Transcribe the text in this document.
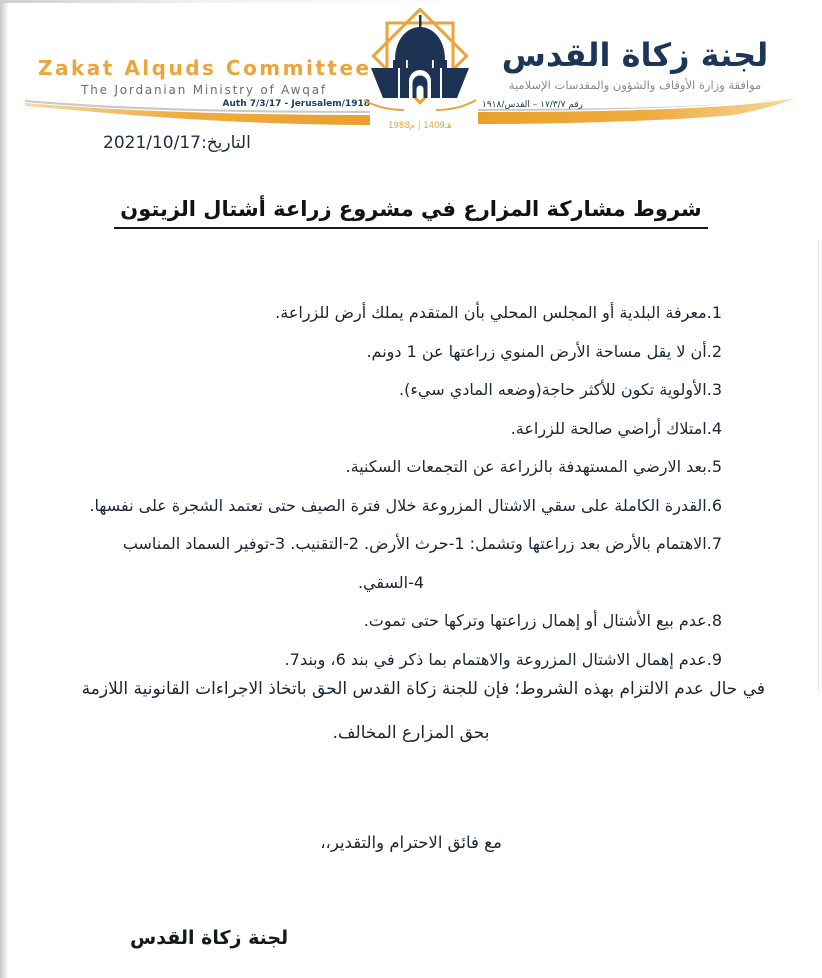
Zakat Alquds Committee
The Jordanian Ministry of Awqaf
Auth 7/3/17 - Jerusalem/1918
هـ1409 | م1988
لجنة زكاة القدس
موافقة وزارة الأوقاف والشؤون والمقدسات الإسلامية
رقم ١٧/٣/٧ – القدس/١٩١٨
التاريخ:2021/10/17
شروط مشاركة المزارع في مشروع زراعة أشتال الزيتون
1.معرفة البلدية أو المجلس المحلي بأن المتقدم يملك أرض للزراعة.
2.أن لا يقل مساحة الأرض المنوي زراعتها عن 1 دونم.
3.الأولوية تكون للأكثر حاجة(وضعه المادي سيء).
4.امتلاك أراضي صالحة للزراعة.
5.بعد الارضي المستهدفة بالزراعة عن التجمعات السكنية.
6.القدرة الكاملة على سقي الاشتال المزروعة خلال فترة الصيف حتى تعتمد الشجرة على نفسها.
7.الاهتمام بالأرض بعد زراعتها وتشمل: 1-حرث الأرض. 2-التقنيب. 3-توفير السماد المناسب
4-السقي.
8.عدم بيع الأشتال أو إهمال زراعتها وتركها حتى تموت.
9.عدم إهمال الاشتال المزروعة والاهتمام بما ذكر في بند 6، وبند7.
في حال عدم الالتزام بهذه الشروط؛ فإن للجنة زكاة القدس الحق باتخاذ الاجراءات القانونية اللازمة
بحق المزارع المخالف.
مع فائق الاحترام والتقدير،،
لجنة زكاة القدس
